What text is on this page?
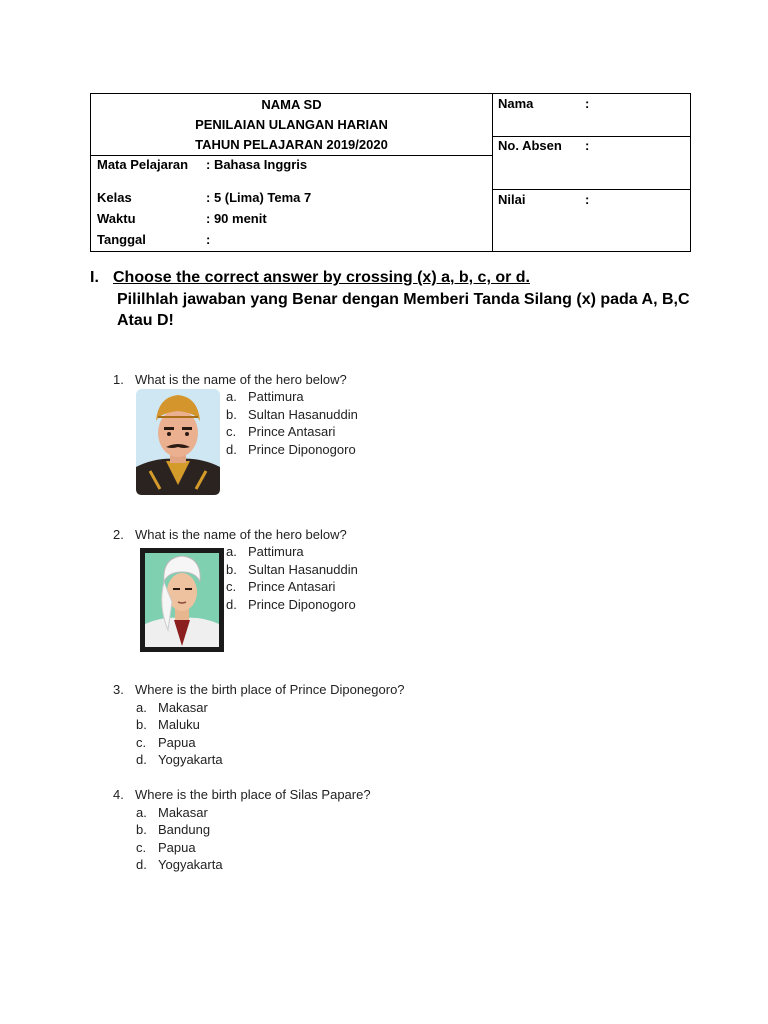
NAMA SD
PENILAIAN ULANGAN HARIAN
TAHUN PELAJARAN 2019/2020
Mata Pelajaran	: Bahasa Inggris
Kelas	: 5 (Lima) Tema 7
Waktu	: 90 menit
Tanggal	:
Nama	:
No. Absen :
Nilai	:
I. Choose the correct answer by crossing (x) a, b, c, or d.
Pililhlah jawaban yang Benar dengan Memberi Tanda Silang (x) pada A, B,C Atau D!
1. What is the name of the hero below?
a. Pattimura
b. Sultan Hasanuddin
c. Prince Antasari
d. Prince Diponogoro
2. What is the name of the hero below?
a. Pattimura
b. Sultan Hasanuddin
c. Prince Antasari
d. Prince Diponogoro
3. Where is the birth place of Prince Diponegoro?
a. Makasar
b. Maluku
c. Papua
d. Yogyakarta
4. Where is the birth place of Silas Papare?
a. Makasar
b. Bandung
c. Papua
d. Yogyakarta
